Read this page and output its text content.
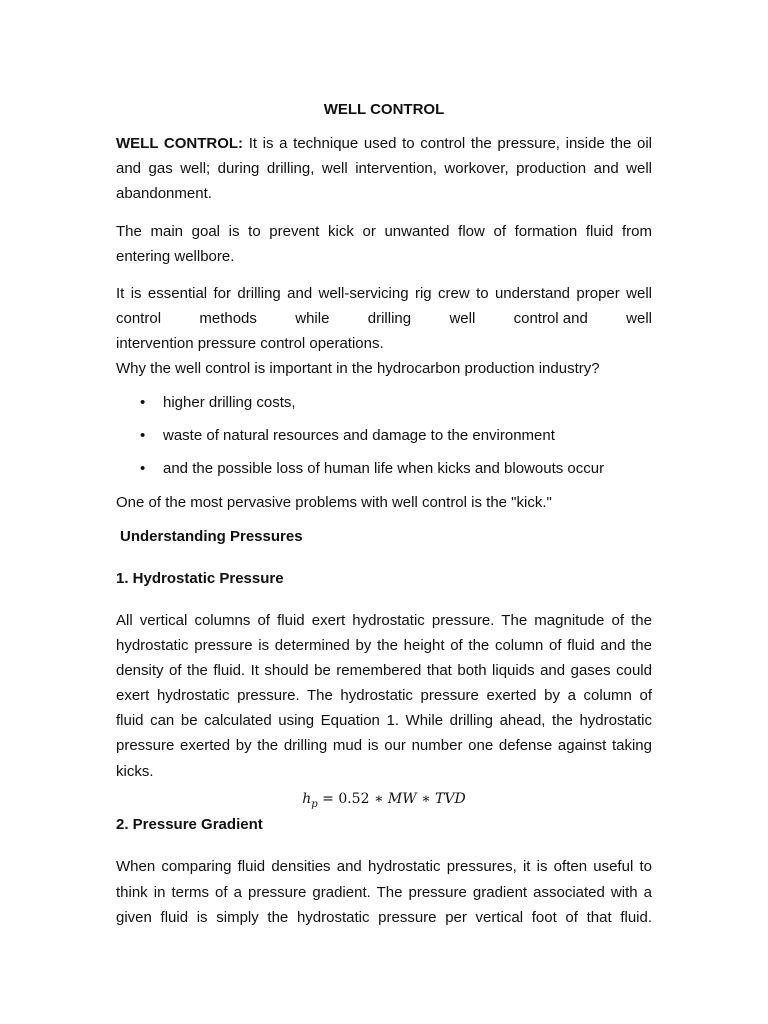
WELL CONTROL
WELL CONTROL: It is a technique used to control the pressure, inside the oil
and gas well; during drilling, well intervention, workover, production and well
abandonment.
The main goal is to prevent kick or unwanted flow of formation fluid from
entering wellbore.
It is essential for drilling and well-servicing rig crew to understand proper well
control	methods	while	drilling	well	control and	well
intervention pressure control operations.
Why the well control is important in the hydrocarbon production industry?
•	higher drilling costs,
•	waste of natural resources and damage to the environment
•	and the possible loss of human life when kicks and blowouts occur
One of the most pervasive problems with well control is the "kick."
Understanding Pressures
1. Hydrostatic Pressure
All vertical columns of fluid exert hydrostatic pressure. The magnitude of the
hydrostatic pressure is determined by the height of the column of fluid and the
density of the fluid. It should be remembered that both liquids and gases could
exert hydrostatic pressure. The hydrostatic pressure exerted by a column of
fluid can be calculated using Equation 1. While drilling ahead, the hydrostatic
pressure exerted by the drilling mud is our number one defense against taking
kicks.
$h_p = 0.52$ ∗ MW ∗ TVD
2. Pressure Gradient
When comparing fluid densities and hydrostatic pressures, it is often useful to
think in terms of a pressure gradient. The pressure gradient associated with a
given fluid is simply the hydrostatic pressure per vertical foot of that fluid.
